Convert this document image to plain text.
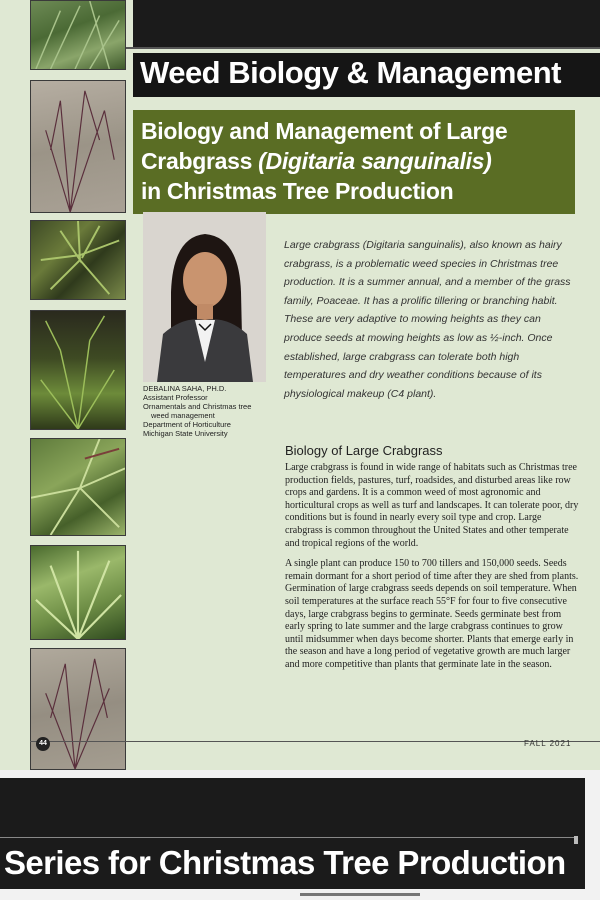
Weed Biology & Management
Biology and Management of Large
Crabgrass (Digitaria sanguinalis)
in Christmas Tree Production
DEBALINA SAHA, PH.D.
Assistant Professor
Ornamentals and Christmas tree
weed management
Department of Horticulture
Michigan State University
Large crabgrass (Digitaria sanguinalis), also known as hairy crabgrass, is a problematic weed species in Christmas tree production. It is a summer annual, and a member of the grass family, Poaceae. It has a prolific tillering or branching habit. These are very adaptive to mowing heights as they can produce seeds at mowing heights as low as ½-inch. Once established, large crabgrass can tolerate both high temperatures and dry weather conditions because of its physiological makeup (C4 plant).
Biology of Large Crabgrass

Large crabgrass is found in wide range of habitats such as Christmas tree production fields, pastures, turf, roadsides, and disturbed areas like row crops and gardens. It is a common weed of most agronomic and horticultural crops as well as turf and landscapes. It can tolerate poor, dry conditions but is found in nearly every soil type and crop. Large crabgrass is common throughout the United States and other temperate and tropical regions of the world.

A single plant can produce 150 to 700 tillers and 150,000 seeds. Seeds remain dormant for a short period of time after they are shed from plants. Germination of large crabgrass seeds depends on soil temperature. When soil temperatures at the surface reach 55°F for four to five consecutive days, large crabgrass begins to germinate. Seeds germinate best from early spring to late summer and the large crabgrass continues to grow until midsummer when days become shorter. Plants that emerge early in the season and have a long period of vegetative growth are much larger and more competitive than plants that germinate late in the season.

44	FALL 2021
Series for Christmas Tree Production
